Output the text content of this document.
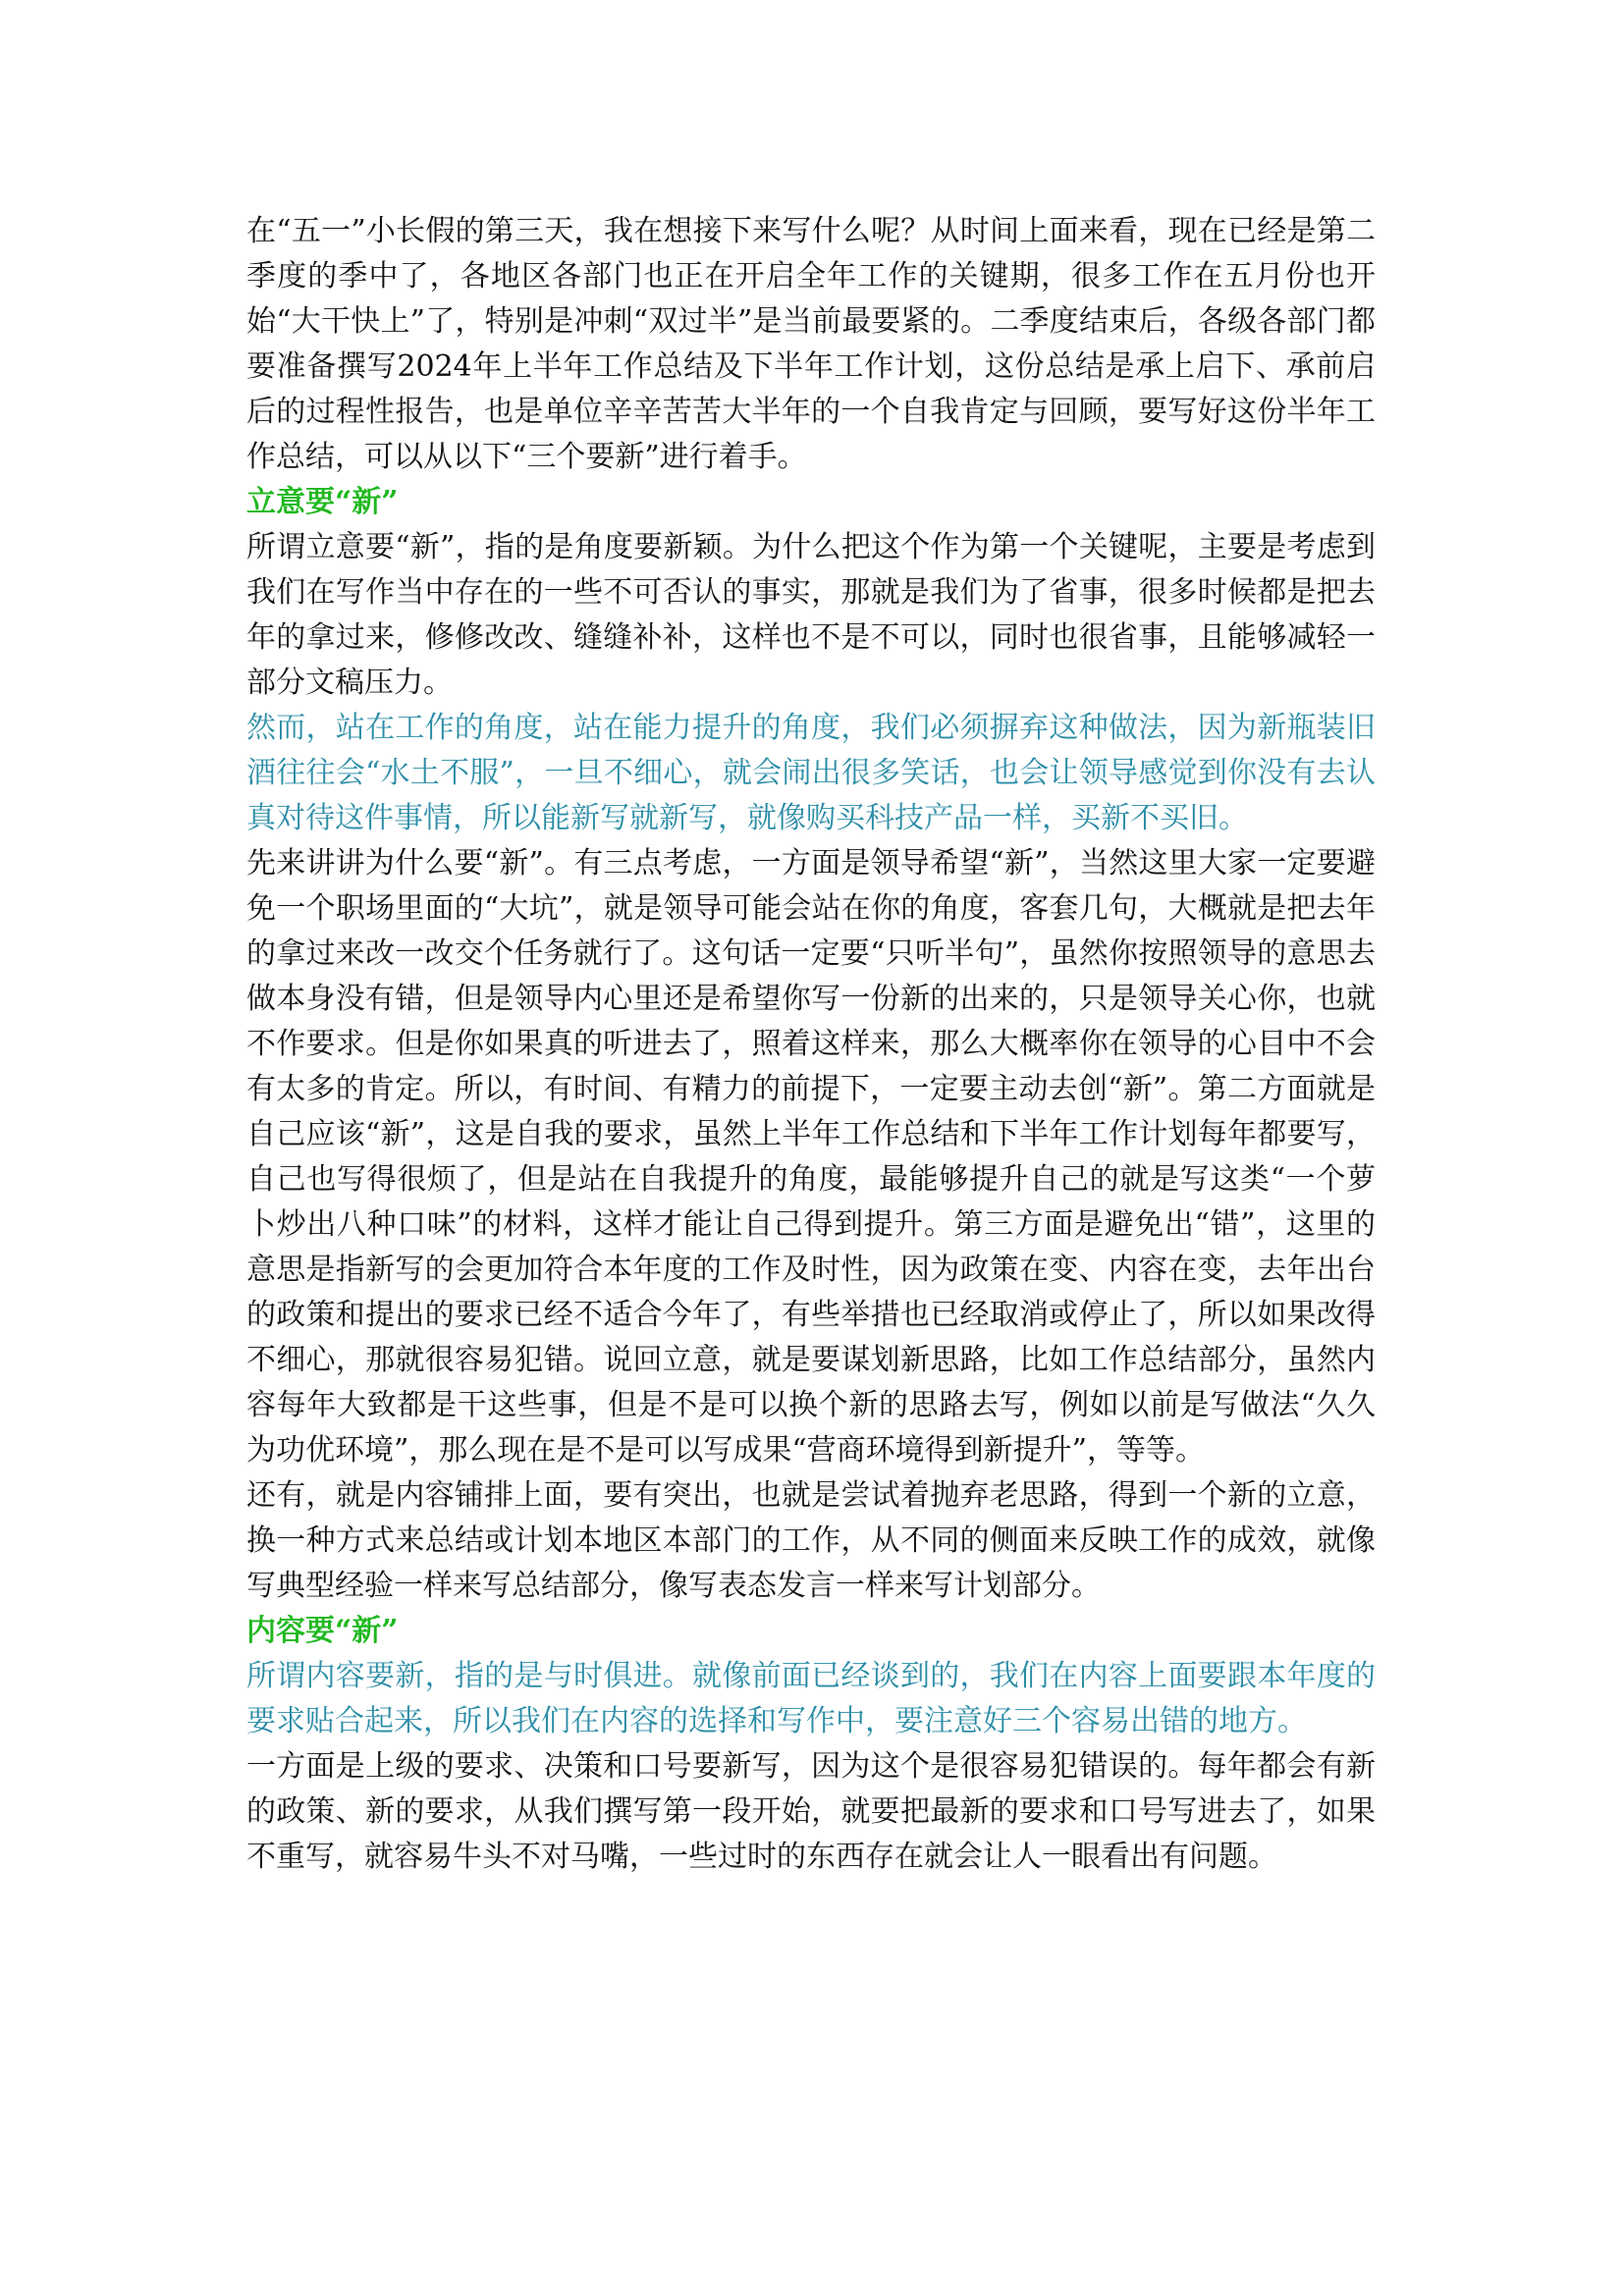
在“五一”小长假的第三天，我在想接下来写什么呢？从时间上面来看，现在已经是第二季度的季中了，各地区各部门也正在开启全年工作的关键期，很多工作在五月份也开始“大干快上”了，特别是冲刺“双过半”是当前最要紧的。二季度结束后，各级各部门都要准备撰写2024年上半年工作总结及下半年工作计划，这份总结是承上启下、承前启后的过程性报告，也是单位辛辛苦苦大半年的一个自我肯定与回顾，要写好这份半年工作总结，可以从以下“三个要新”进行着手。

立意要“新”

所谓立意要“新”，指的是角度要新颖。为什么把这个作为第一个关键呢，主要是考虑到我们在写作当中存在的一些不可否认的事实，那就是我们为了省事，很多时候都是把去年的拿过来，修修改改、缝缝补补，这样也不是不可以，同时也很省事，且能够减轻一部分文稿压力。

然而，站在工作的角度，站在能力提升的角度，我们必须摒弃这种做法，因为新瓶装旧酒往往会“水土不服”，一旦不细心，就会闹出很多笑话，也会让领导感觉到你没有去认真对待这件事情，所以能新写就新写，就像购买科技产品一样，买新不买旧。

先来讲讲为什么要“新”。有三点考虑，一方面是领导希望“新”，当然这里大家一定要避免一个职场里面的“大坑”，就是领导可能会站在你的角度，客套几句，大概就是把去年的拿过来改一改交个任务就行了。这句话一定要“只听半句”，虽然你按照领导的意思去做本身没有错，但是领导内心里还是希望你写一份新的出来的，只是领导关心你，也就不作要求。但是你如果真的听进去了，照着这样来，那么大概率你在领导的心目中不会有太多的肯定。所以，有时间、有精力的前提下，一定要主动去创“新”。第二方面就是自己应该“新”，这是自我的要求，虽然上半年工作总结和下半年工作计划每年都要写，自己也写得很烦了，但是站在自我提升的角度，最能够提升自己的就是写这类“一个萝卜炒出八种口味”的材料，这样才能让自己得到提升。第三方面是避免出“错”，这里的意思是指新写的会更加符合本年度的工作及时性，因为政策在变、内容在变，去年出台的政策和提出的要求已经不适合今年了，有些举措也已经取消或停止了，所以如果改得不细心，那就很容易犯错。说回立意，就是要谋划新思路，比如工作总结部分，虽然内容每年大致都是干这些事，但是不是可以换个新的思路去写，例如以前是写做法“久久为功优环境”，那么现在是不是可以写成果“营商环境得到新提升”，等等。

还有，就是内容铺排上面，要有突出，也就是尝试着抛弃老思路，得到一个新的立意，换一种方式来总结或计划本地区本部门的工作，从不同的侧面来反映工作的成效，就像写典型经验一样来写总结部分，像写表态发言一样来写计划部分。

内容要“新”

所谓内容要新，指的是与时俱进。就像前面已经谈到的，我们在内容上面要跟本年度的要求贴合起来，所以我们在内容的选择和写作中，要注意好三个容易出错的地方。

一方面是上级的要求、决策和口号要新写，因为这个是很容易犯错误的。每年都会有新的政策、新的要求，从我们撰写第一段开始，就要把最新的要求和口号写进去了，如果不重写，就容易牛头不对马嘴，一些过时的东西存在就会让人一眼看出有问题。
